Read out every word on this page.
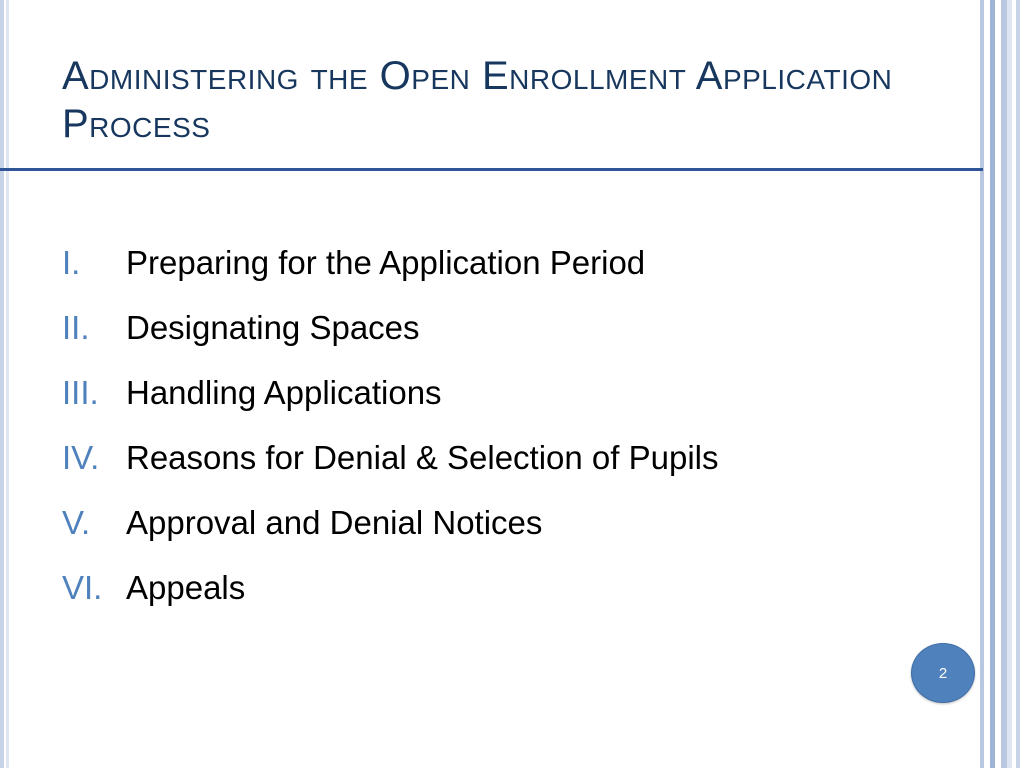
Administering the Open Enrollment Application Process
I.	Preparing for the Application Period
II.	Designating Spaces
III. Handling Applications
IV. Reasons for Denial & Selection of Pupils
V.	Approval and Denial Notices
VI. Appeals
2
